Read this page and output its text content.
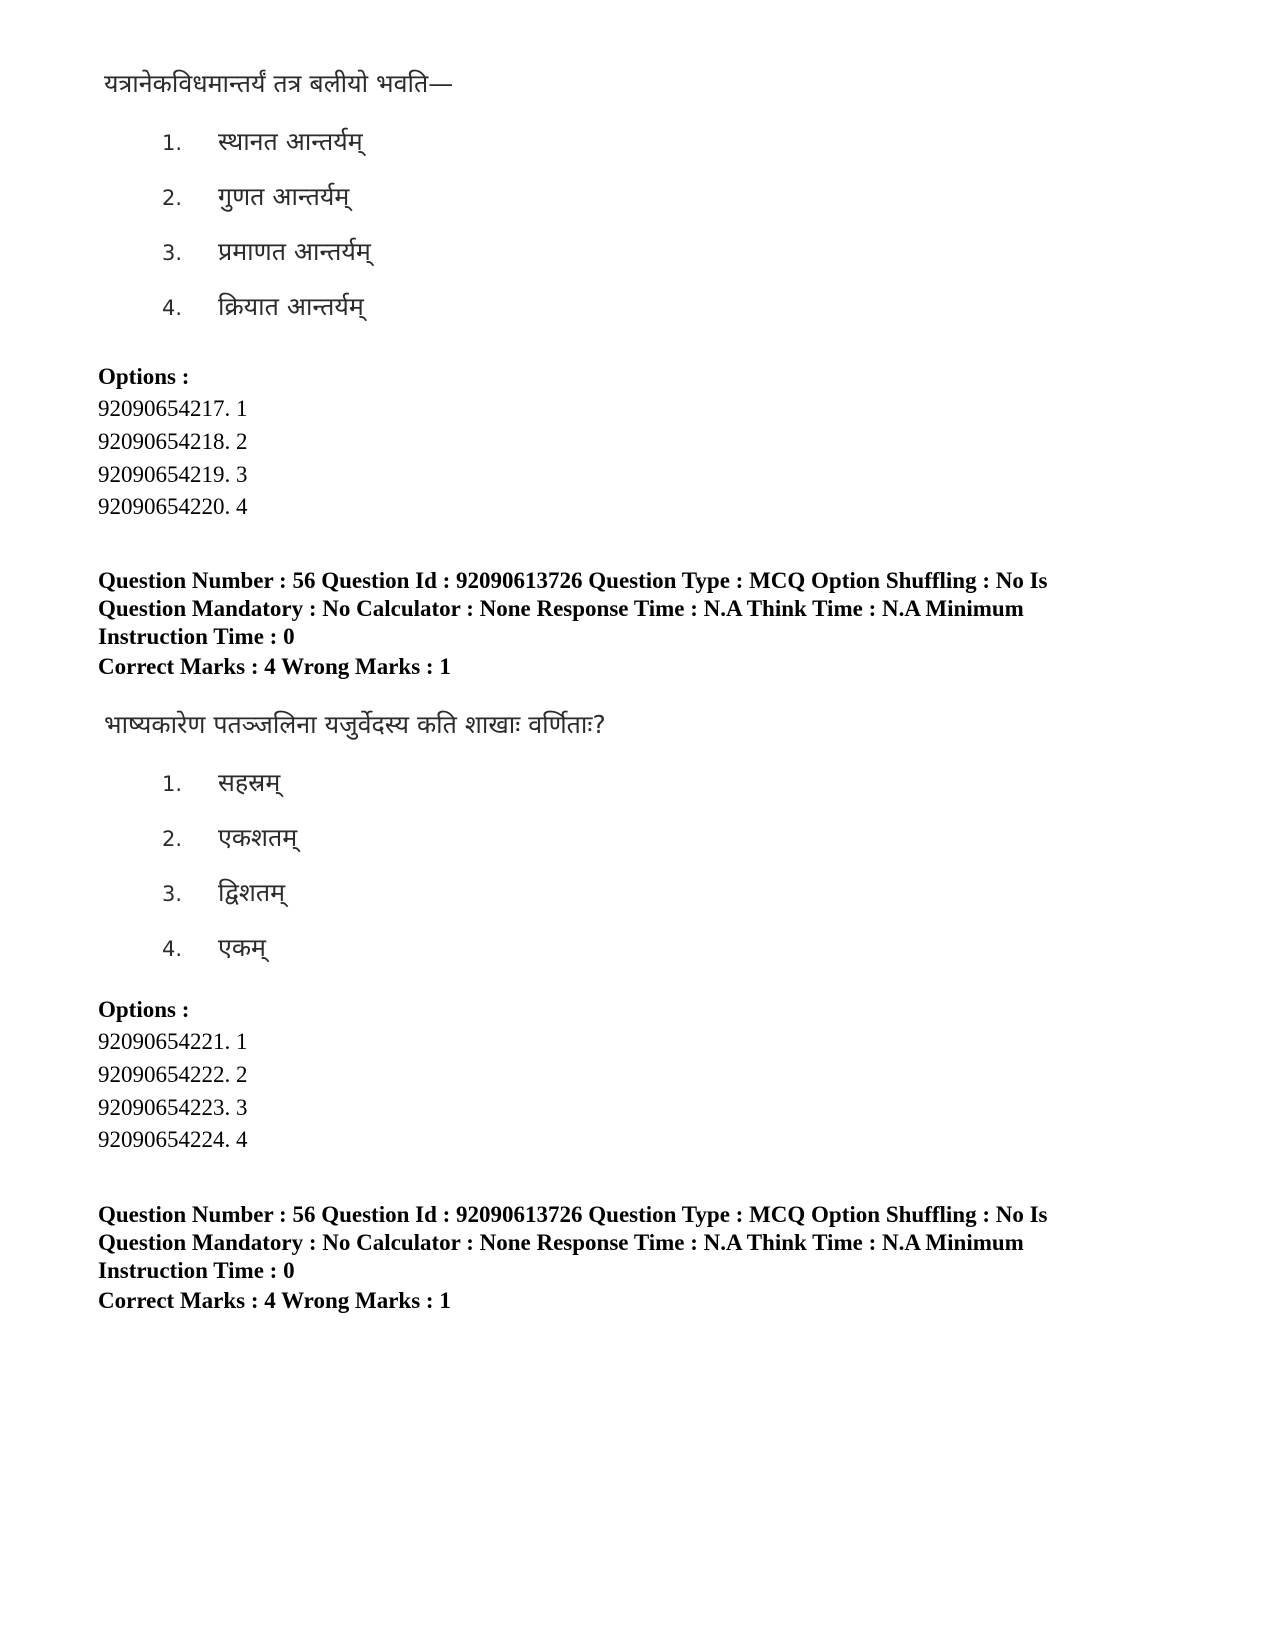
यत्रानेकविधमान्तर्यं तत्र बलीयो भवति—
1. स्थानत आन्तर्यम्
2. गुणत आन्तर्यम्
3. प्रमाणत आन्तर्यम्
4. क्रियात आन्तर्यम्
Options :
92090654217. 1
92090654218. 2
92090654219. 3
92090654220. 4
Question Number : 56 Question Id : 92090613726 Question Type : MCQ Option Shuffling : No Is
Question Mandatory : No Calculator : None Response Time : N.A Think Time : N.A Minimum
Instruction Time : 0
Correct Marks : 4 Wrong Marks : 1
भाष्यकारेण पतञ्जलिना यजुर्वेदस्य कति शाखाः वर्णिताः?
1. सहस्रम्
2. एकशतम्
3. द्विशतम्
4. एकम्
Options :
92090654221. 1
92090654222. 2
92090654223. 3
92090654224. 4
Question Number : 56 Question Id : 92090613726 Question Type : MCQ Option Shuffling : No Is
Question Mandatory : No Calculator : None Response Time : N.A Think Time : N.A Minimum
Instruction Time : 0
Correct Marks : 4 Wrong Marks : 1
